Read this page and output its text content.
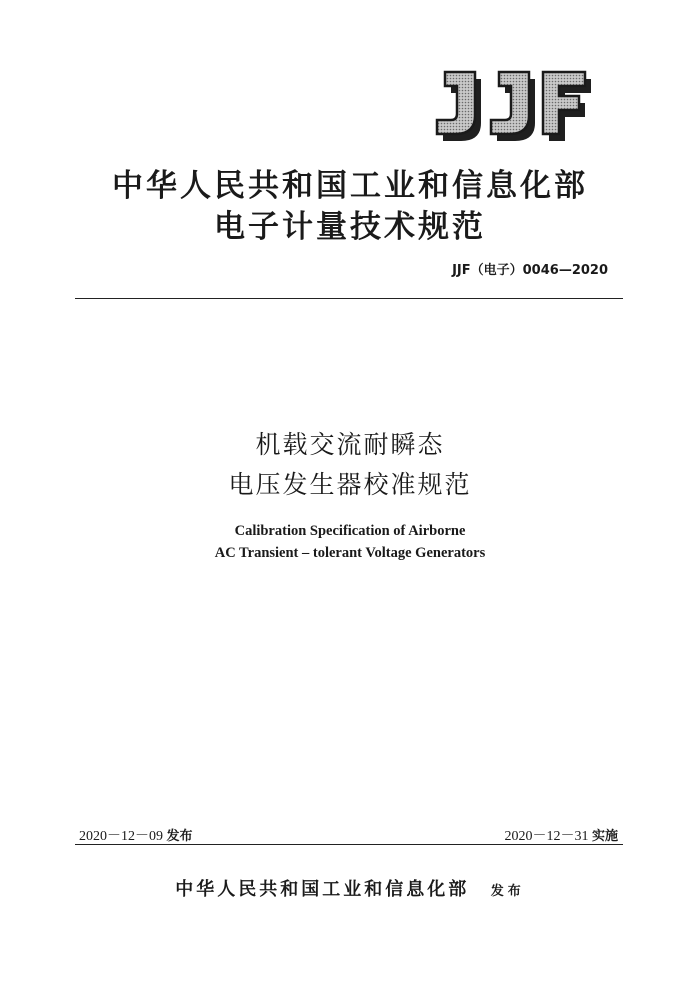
中华人民共和国工业和信息化部
电子计量技术规范
JJF（电子）0046—2020
机载交流耐瞬态
电压发生器校准规范
Calibration Specification of Airborne
AC Transient – tolerant Voltage Generators
2020－12－09 发布	2020－12－31 实施
中华人民共和国工业和信息化部 发布
